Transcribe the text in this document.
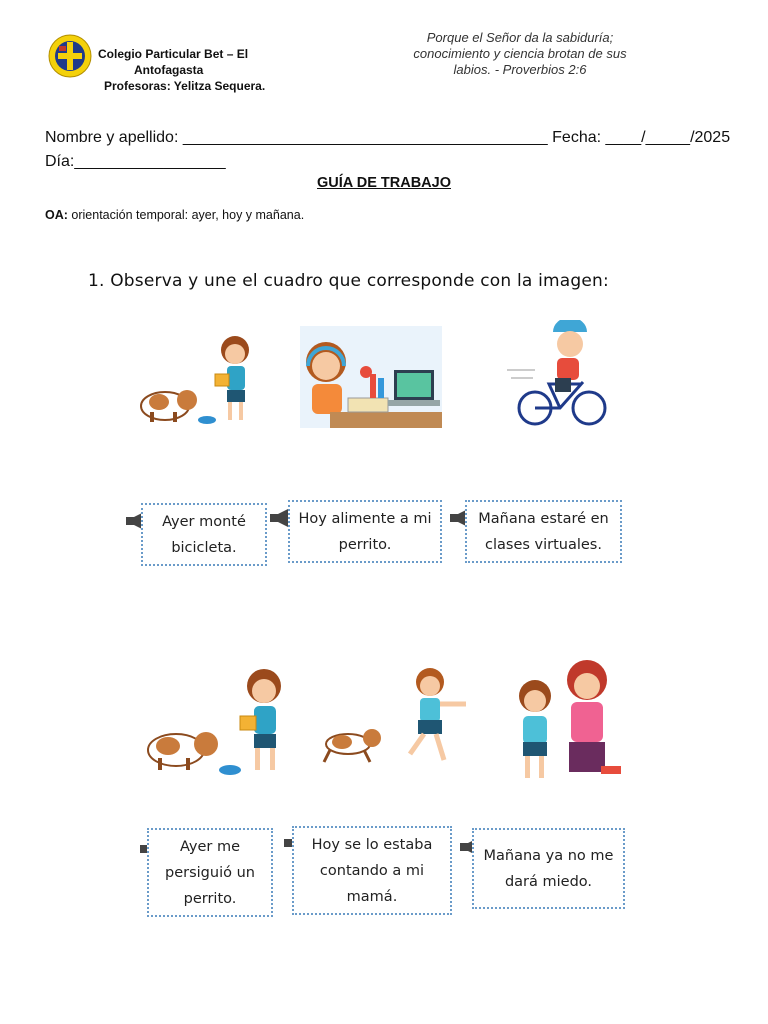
Colegio Particular Bet – El
Antofagasta
Profesoras: Yelitza Sequera.
Porque el Señor da la sabiduría;
conocimiento y ciencia brotan de sus
labios. - Proverbios 2:6
Nombre y apellido: _________________________________________ Fecha: ____/_____/2025
Día:_________________
GUÍA DE TRABAJO
OA: orientación temporal: ayer, hoy y mañana.
1. Observa y une el cuadro que corresponde con la imagen:
Ayer monté
bicicleta.
Hoy alimente a mi
perrito.
Mañana estaré en
clases virtuales.
Ayer me
persiguió un
perrito.
Hoy se lo estaba
contando a mi
mamá.
Mañana ya no me
dará miedo.
